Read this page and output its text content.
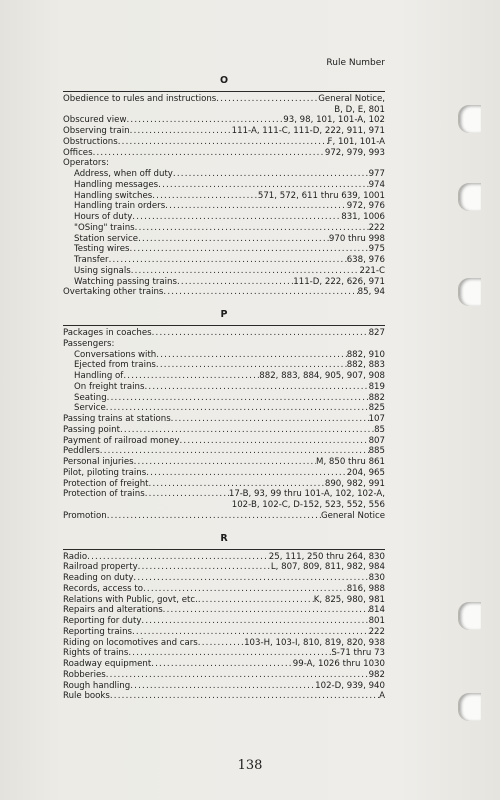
Rule Number
O
Obedience to rules and instructions .....	General Notice,
B, D, E, 801
Obscured view .....	93, 98, 101, 101-A, 102
Observing train .....	111-A, 111-C, 111-D, 222, 911, 971
Obstructions .....	F, 101, 101-A
Offices .....	972, 979, 993
Operators:
Address, when off duty .....	977
Handling messages .....	974
Handling switches .....	571, 572, 611 thru 639, 1001
Handling train orders .....	972, 976
Hours of duty .....	831, 1006
"OSing" trains .....	222
Station service .....	970 thru 998
Testing wires .....	975
Transfer .....	638, 976
Using signals .....	221-C
Watching passing trains .....	111-D, 222, 626, 971
Overtaking other trains .....	85, 94
P
Packages in coaches .....	827
Passengers:
Conversations with .....	882, 910
Ejected from trains .....	882, 883
Handling of .....	882, 883, 884, 905, 907, 908
On freight trains .....	819
Seating .....	882
Service .....	825
Passing trains at stations .....	107
Passing point .....	85
Payment of railroad money .....	807
Peddlers .....	885
Personal injuries .....	M, 850 thru 861
Pilot, piloting trains .....	204, 965
Protection of freight .....	890, 982, 991
Protection of trains .....	17-B, 93, 99 thru 101-A, 102, 102-A,
102-B, 102-C, D-152, 523, 552, 556
Promotion .....	General Notice
R
Radio .....	25, 111, 250 thru 264, 830
Railroad property .....	L, 807, 809, 811, 982, 984
Reading on duty .....	830
Records, access to .....	816, 988
Relations with Public, govt, etc. .....	K, 825, 980, 981
Repairs and alterations .....	814
Reporting for duty .....	801
Reporting trains .....	222
Riding on locomotives and cars .....	103-H, 103-I, 810, 819, 820, 938
Rights of trains .....	S-71 thru 73
Roadway equipment .....	99-A, 1026 thru 1030
Robberies .....	982
Rough handling .....	102-D, 939, 940
Rule books .....	A
138
